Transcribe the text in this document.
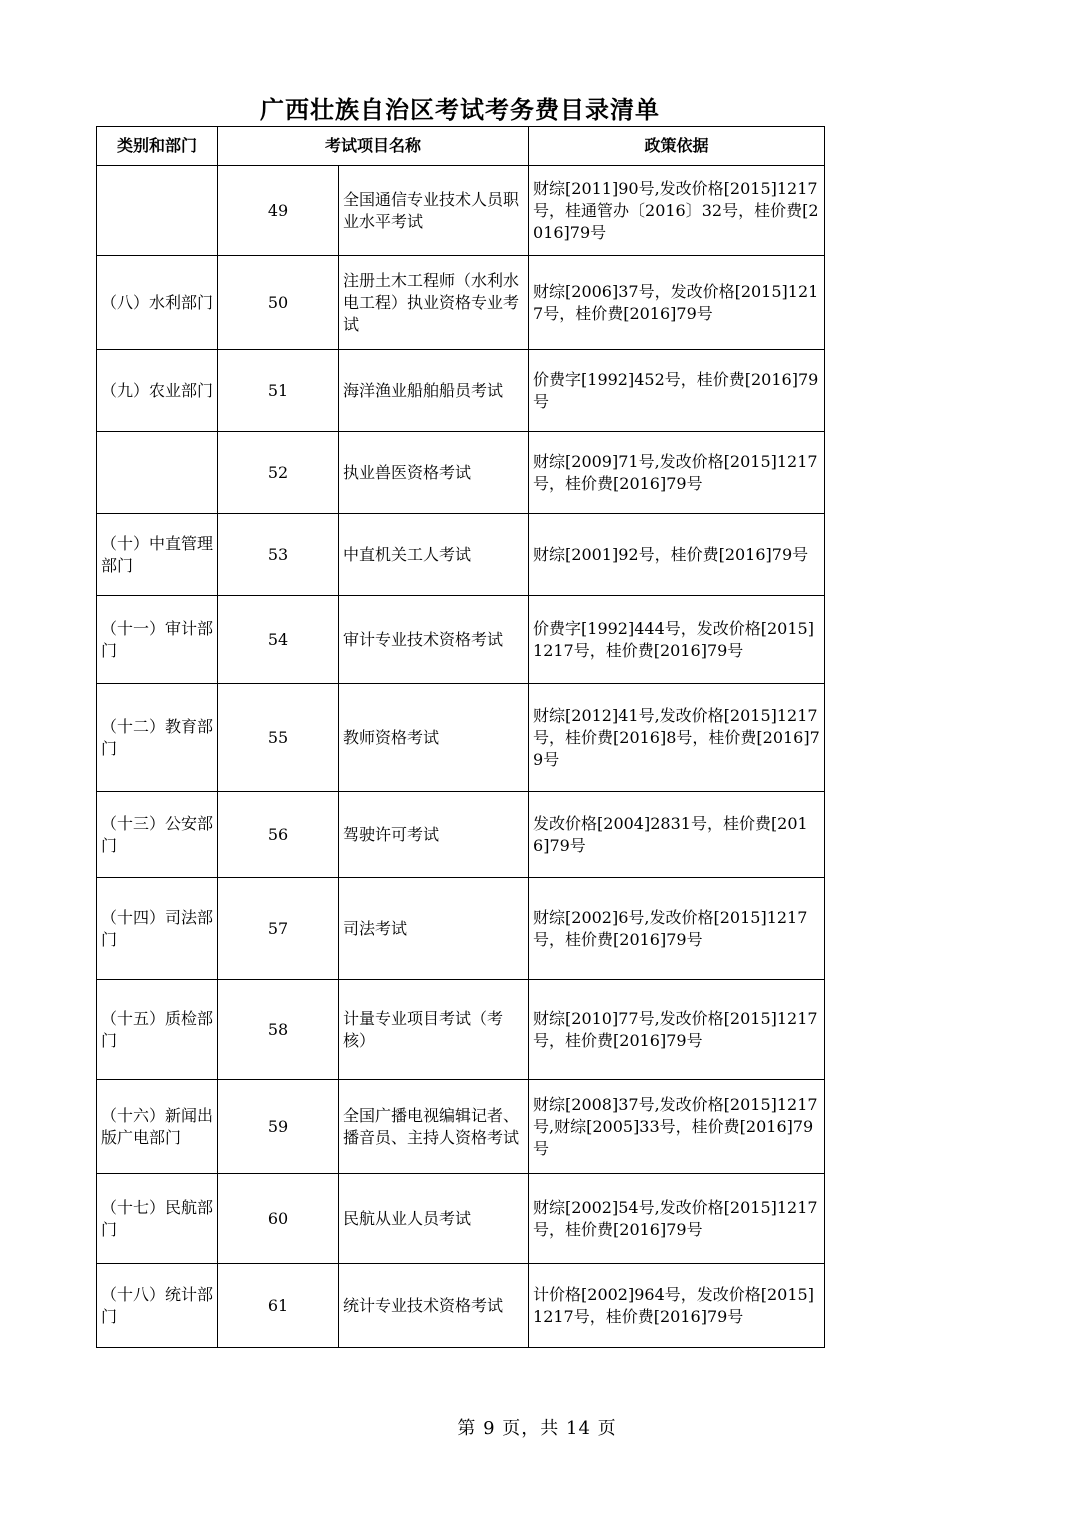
广西壮族自治区考试考务费目录清单
类别和部门	考试项目名称		政策依据
	49	全国通信专业技术人员职业水平考试	财综[2011]90号,发改价格[2015]1217号，桂通管办〔2016〕32号，桂价费[2016]79号
（八）水利部门	50	注册土木工程师（水利水电工程）执业资格专业考试	财综[2006]37号，发改价格[2015]1217号，桂价费[2016]79号
（九）农业部门	51	海洋渔业船舶船员考试	价费字[1992]452号，桂价费[2016]79号
	52	执业兽医资格考试	财综[2009]71号,发改价格[2015]1217号，桂价费[2016]79号
（十）中直管理部门	53	中直机关工人考试	财综[2001]92号，桂价费[2016]79号
（十一）审计部门	54	审计专业技术资格考试	价费字[1992]444号，发改价格[2015]1217号，桂价费[2016]79号
（十二）教育部门	55	教师资格考试	财综[2012]41号,发改价格[2015]1217号，桂价费[2016]8号，桂价费[2016]79号
（十三）公安部门	56	驾驶许可考试	发改价格[2004]2831号，桂价费[2016]79号
（十四）司法部门	57	司法考试	财综[2002]6号,发改价格[2015]1217号，桂价费[2016]79号
（十五）质检部门	58	计量专业项目考试（考核）	财综[2010]77号,发改价格[2015]1217号，桂价费[2016]79号
（十六）新闻出版广电部门	59	全国广播电视编辑记者、播音员、主持人资格考试	财综[2008]37号,发改价格[2015]1217号,财综[2005]33号，桂价费[2016]79号
（十七）民航部门	60	民航从业人员考试	财综[2002]54号,发改价格[2015]1217号，桂价费[2016]79号
（十八）统计部门	61	统计专业技术资格考试	计价格[2002]964号，发改价格[2015]1217号，桂价费[2016]79号
第 9 页，共 14 页
